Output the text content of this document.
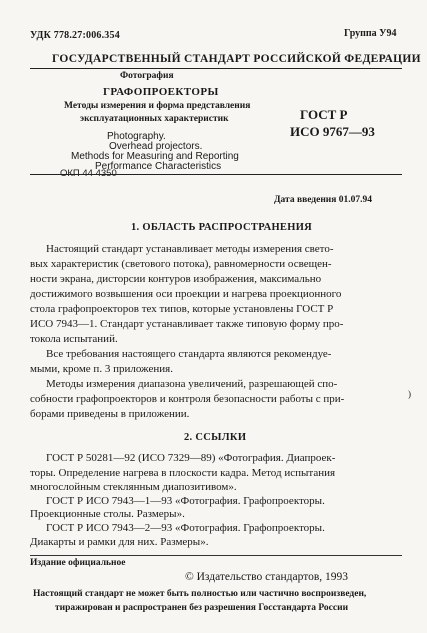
УДК 778.27:006.354	Группа У94
ГОСУДАРСТВЕННЫЙ СТАНДАРТ РОССИЙСКОЙ ФЕДЕРАЦИИ
Фотография
ГРАФОПРОЕКТОРЫ
Методы измерения и форма представления
эксплуатационных характеристик	ГОСТ Р
ИСО 9767—93
Photography.
Overhead projectors.
Methods for Measuring and Reporting
Performance Characteristics
ОКП 44 4350
Дата введения 01.07.94
1. ОБЛАСТЬ РАСПРОСТРАНЕНИЯ
Настоящий стандарт устанавливает методы измерения свето-
вых характеристик (светового потока), равномерности освещен-
ности экрана, дисторсии контуров изображения, максимально
достижимого возвышения оси проекции и нагрева проекционного
стола графопроекторов тех типов, которые установлены ГОСТ Р
ИСО 7943—1. Стандарт устанавливает также типовую форму про-
токола испытаний.
Все требования настоящего стандарта являются рекомендуе-
мыми, кроме п. 3 приложения.
Методы измерения диапазона увеличений, разрешающей спо-
собности графопроекторов и контроля безопасности работы с при-
борами приведены в приложении.
)
2. ССЫЛКИ
ГОСТ Р 50281—92 (ИСО 7329—89) «Фотография. Диапроек-
торы. Определение нагрева в плоскости кадра. Метод испытания
многослойным стеклянным диапозитивом».
ГОСТ Р ИСО 7943—1—93 «Фотография. Графопроекторы.
Проекционные столы. Размеры».
ГОСТ Р ИСО 7943—2—93 «Фотография. Графопроекторы.
Диакарты и рамки для них. Размеры».
Издание официальное
© Издательство стандартов, 1993
Настоящий стандарт не может быть полностью или частично воспроизведен,
тиражирован и распространен без разрешения Госстандарта России
